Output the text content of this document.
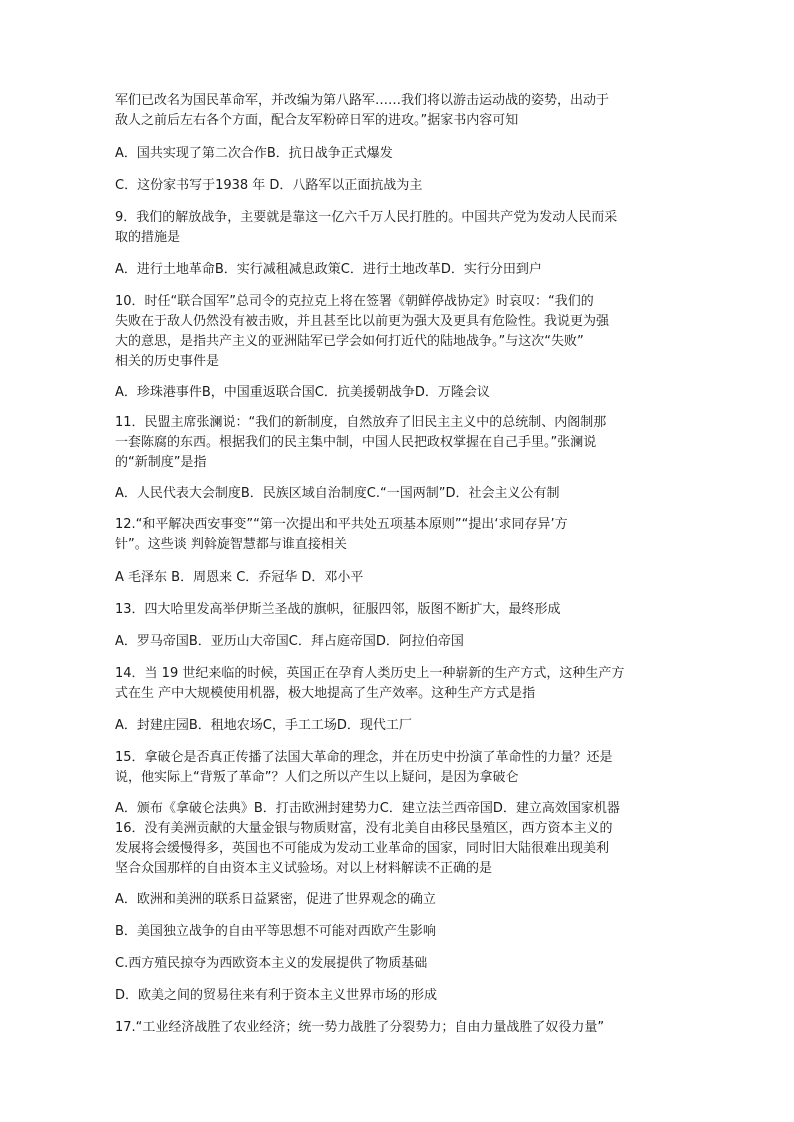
军们已改名为国民革命军，并改编为第八路军……我们将以游击运动战的姿势，出动于
敌人之前后左右各个方面，配合友军粉碎日军的进攻。”据家书内容可知
A．国共实现了第二次合作B．抗日战争正式爆发
C．这份家书写于1938 年 D．八路军以正面抗战为主
9．我们的解放战争，主要就是靠这一亿六千万人民打胜的。中国共产党为发动人民而采
取的措施是
A．进行土地革命B．实行减租减息政策C．进行土地改革D．实行分田到户
10．时任“联合国军”总司令的克拉克上将在签署《朝鲜停战协定》时哀叹：“我们的
失败在于敌人仍然没有被击败，并且甚至比以前更为强大及更具有危险性。我说更为强
大的意思，是指共产主义的亚洲陆军已学会如何打近代的陆地战争。”与这次“失败”
相关的历史事件是
A．珍珠港事件B，中国重返联合国C．抗美援朝战争D．万隆会议
11．民盟主席张澜说：“我们的新制度，自然放弃了旧民主主义中的总统制、内阁制那
一套陈腐的东西。根据我们的民主集中制，中国人民把政权掌握在自己手里。”张澜说
的“新制度”是指
A．人民代表大会制度B．民族区域自治制度C.“一国两制”D．社会主义公有制
12.“和平解决西安事变”“第一次提出和平共处五项基本原则”“提出‘求同存异’方
针”。这些谈 判斡旋智慧都与谁直接相关
A 毛泽东 B．周恩来 C．乔冠华 D．邓小平
13．四大哈里发高举伊斯兰圣战的旗帜，征服四邻，版图不断扩大，最终形成
A．罗马帝国B．亚历山大帝国C．拜占庭帝国D．阿拉伯帝国
14．当 19 世纪来临的时候，英国正在孕育人类历史上一种崭新的生产方式，这种生产方
式在生 产中大规模使用机器，极大地提高了生产效率。这种生产方式是指
A．封建庄园B．租地农场C，手工工场D．现代工厂
15．拿破仑是否真正传播了法国大革命的理念，并在历史中扮演了革命性的力量？还是
说，他实际上“背叛了革命”？人们之所以产生以上疑问，是因为拿破仑
A．颁布《拿破仑法典》B．打击欧洲封建势力C．建立法兰西帝国D．建立高效国家机器
16．没有美洲贡献的大量金银与物质财富，没有北美自由移民垦殖区，西方资本主义的
发展将会缓慢得多，英国也不可能成为发动工业革命的国家，同时旧大陆很难出现美利
坚合众国那样的自由资本主义试验场。对以上材料解读不正确的是
A．欧洲和美洲的联系日益紧密，促进了世界观念的确立
B．美国独立战争的自由平等思想不可能对西欧产生影响
C.西方殖民掠夺为西欧资本主义的发展提供了物质基础
D．欧美之间的贸易往来有利于资本主义世界市场的形成
17.“工业经济战胜了农业经济；统一势力战胜了分裂势力；自由力量战胜了奴役力量”
